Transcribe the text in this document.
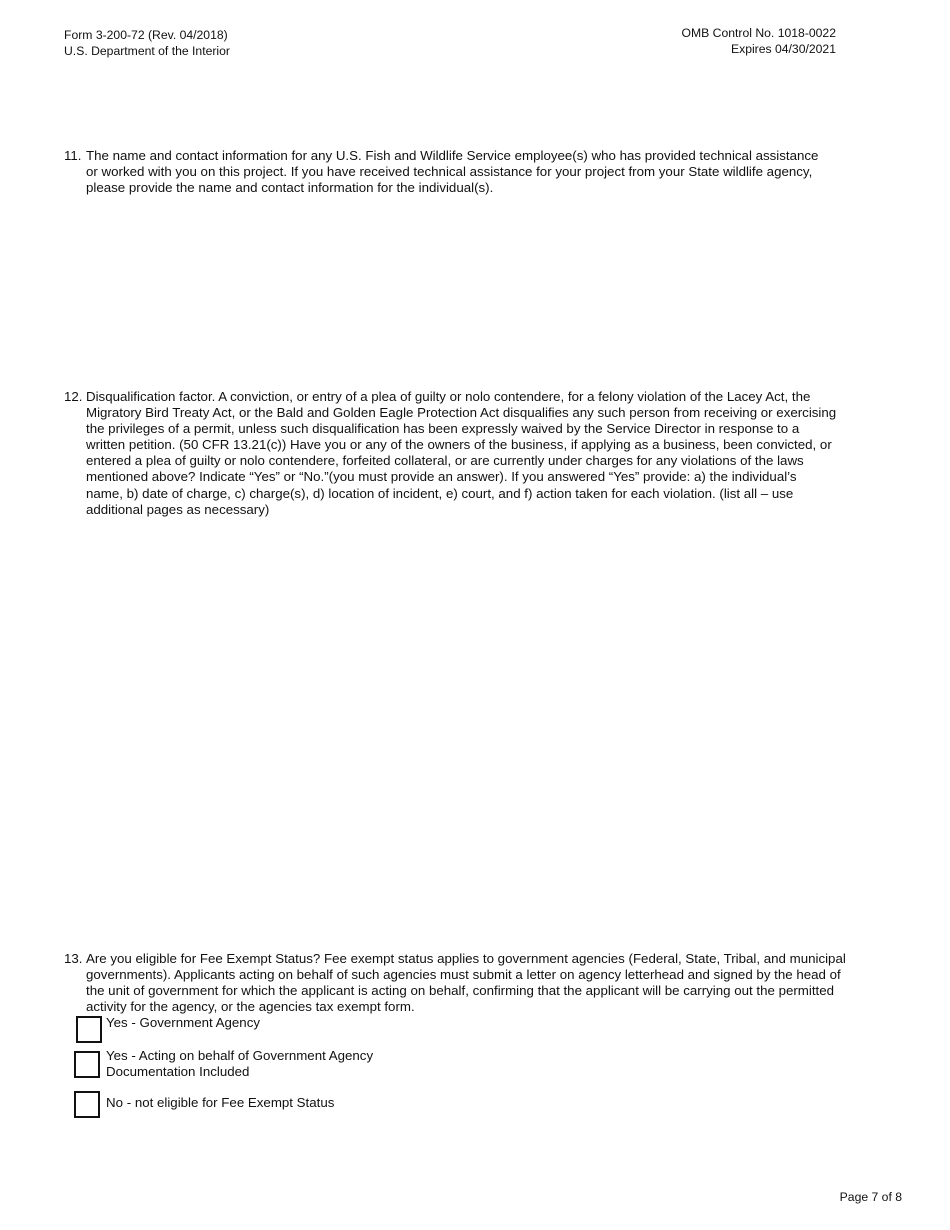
Form 3-200-72 (Rev. 04/2018)
U.S. Department of the Interior
OMB Control No. 1018-0022
Expires 04/30/2021
11. The name and contact information for any U.S. Fish and Wildlife Service employee(s) who has provided technical assistance or worked with you on this project. If you have received technical assistance for your project from your State wildlife agency, please provide the name and contact information for the individual(s).
12. Disqualification factor. A conviction, or entry of a plea of guilty or nolo contendere, for a felony violation of the Lacey Act, the Migratory Bird Treaty Act, or the Bald and Golden Eagle Protection Act disqualifies any such person from receiving or exercising the privileges of a permit, unless such disqualification has been expressly waived by the Service Director in response to a written petition. (50 CFR 13.21(c)) Have you or any of the owners of the business, if applying as a business, been convicted, or entered a plea of guilty or nolo contendere, forfeited collateral, or are currently under charges for any violations of the laws mentioned above? Indicate “Yes” or “No.”(you must provide an answer). If you answered “Yes” provide: a) the individual’s name, b) date of charge, c) charge(s), d) location of incident, e) court, and f) action taken for each violation. (list all – use additional pages as necessary)
13. Are you eligible for Fee Exempt Status? Fee exempt status applies to government agencies (Federal, State, Tribal, and municipal governments). Applicants acting on behalf of such agencies must submit a letter on agency letterhead and signed by the head of the unit of government for which the applicant is acting on behalf, confirming that the applicant will be carrying out the permitted activity for the agency, or the agencies tax exempt form.
Yes - Government Agency
Yes - Acting on behalf of Government Agency
Documentation Included
No - not eligible for Fee Exempt Status
Page 7 of 8
